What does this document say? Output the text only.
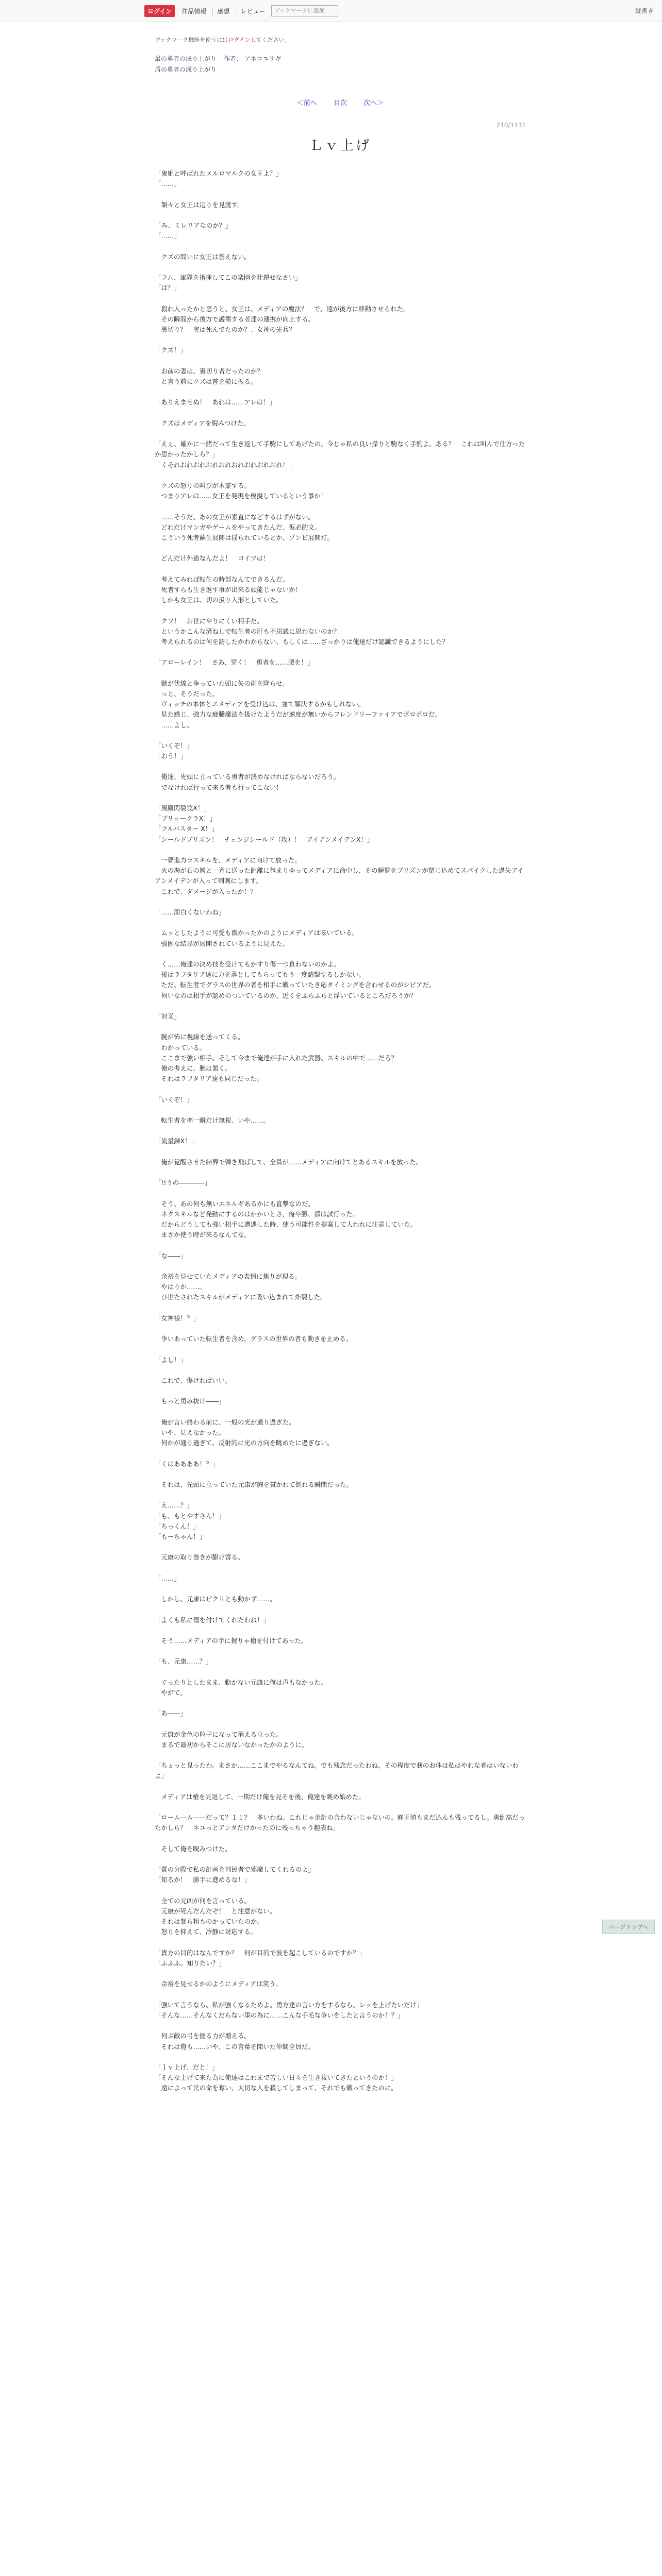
ログイン	作品情報	感想	レビュー	ブックマークに追加	縦書き
ブックマーク機能を使うにはログインしてください。
最の勇者の成り上がり 作者： アネコユサギ
盾の勇者の成り上がり
＜前へ 目次 次へ＞
210/1131
Ｌｖ上げ

「鬼姫と呼ばれたメルロマルクの女王よ？」

「……」

　頷々と女王は辺りを見渡す。

「み、ミレリアなのか？」

「……」

　クズの問いに女王は答えない。

「フム、軍隊を指揮してこの楽園を壮麗せなさい」

「は？」

　殺れ入ったかと思うと、女王は、メディアの魔法？　で、遠が後方に移動させられた。

　その瞬間から後方で護衛する者達の連携が向上する。

　裏切り？　実は死んでたのか？、女神の先兵？

「クズ！」

　お前の妻は、裏切り者だったのか？

　と言う前にクズは首を横に振る。

「ありえませぬ！　あれは……アレは！」

　クズはメディアを睨みつけた。

「えぇ、確かに一緒だって生き返して手駒にしてあげたの。今じゃ私の良い操りと駒なく手駒よ。ある？　これは叫んで仕方ったか思かったかしら？」

「くそれおれおれおれおれおれおれおれおれ！」

　クズの怒りの叫びが木霊する。

　つまりアレは……女王を発現を模擬しているという事か！

　……そうだ、あの女王が素直になどするはずがない。

　どれだけマンガやゲームをやってきたんだ、仮必的文。

　こういう死者蘇生展開は揺られているとか、ゾンビ展開だ。

　どんだけ外道なんだよ！　コイツは！

　考えてみれば転生の時部なんてできるんだ。

　死者すらも生き返す事が出来る頭能じゃないか！

　しかも女王は、切の扱り入形としていた。

　クソ！　お世にやりにくい相手だ。

　というかこんな済ねしで転生者の肝も不思議に思わないのか？

　考えられるのは何を請したかわからない、もしくは……ざっかりは俺達だけ認識できるようにした？

「アローレイン！　さあ、穿く！　勇者を……腰を！」

　獣が伏線と争っていた頭に矢の雨を降らせ。

　っと、そうだった。

　ヴィッチの本体とエメディアを受け込は、並て解決するかもしれない。

　見た感じ、強力な疲騰魔法を扱けたようだが速度が無いからフレンドリーファイアでボロボロだ。

　……よし。

「いくぞ！」

「おう！」

　俺達、先頭に立っている勇者が決めなければならないだろう。

　でなければ行って来る者も行ってこない！

「風塵閃裂罠X！」

「ブリュークラX！」

「フルバスター X！」

「シールドプリズン！　チェンジシールド（攻）！　アイアンメイデンX！」

　一夢進力ラスキルを、メディアに向けて放った。

　火の海が石の層と一斉に送った距離に包まりゆってメディアに命中し、その瞬覧をプリズンが閉じ込めてスパイクした過失アイアンメイデンが入って刺刺にします。

　これで、ダメージが入ったか！？

「……面白くないわね」

　ムッとしたように可愛も微かったかのようにメディアは呟いている。

　強固な結界が展開されているように見えた。

　く……俺達の決め技を受けてもかすり傷一つ負わないのかよ。

　後はラフタリア達に力を落としてもらってもう一度請撃するしかない。

　ただ、転生者でグラスの世界の者を相手に戦っていたき応タイミングを合わせるのがシビアだ。

　何いなのは相手が認めのついているのか、近くをふらふらと浮いているところだろうか？

「対叉」

　腕が怖に視線を送ってくる。

　わかっている。

　ここまで強い相手、そして今まで俺達が手に入れた武器、スキルの中で……だろ？

　俺の考えに、腕は頷く。

　それはラフタリア達も同じだった。

「いくぞ！」

　転生者を率一瞬だけ無視、いや……。

「流星錬X！」

　俺が覚醒させた結界で弾き飛ばして、全員が……メディアに向けてとあるスキルを放った。

「!!うの――――」

　そう、あの何も無いエネルギあるかにも直撃なのだ。

　ネクスキルなど発動にするのはかかいとさ、俺や勝、都は試行った。

　だからどうしても強い相手に遭遇した時、使う可能性を提案して人われに注意していた。

　まさか使う時が来るなんてな。

「な――」

　余裕を見せていたメディアの表情に焦りが現る。

　やはりか……。

　ひ世たされたスキルがメディアに吸い込まれて炸裂した。

「女神様！？」

　争いあっていた転生者を含め、グラスの世界の者も動きを止める。

「よし！」

　これで、傷ければいい。

「もっと勇み抜け――」

　俺が言い終わる前に、一般の光が通り過ぎた。

　いや、見えなかった。

　何かが通り過ぎて、反射的に光の方向を眺めたに過ぎない。

「くはああああ！？」

　それは、先頭に立っていた元康が胸を貫かれて倒れる瞬間だった。

「え……？」

「も、もとやすさん！」

「ちっくん！」

「もーちゃん！」

　元康の取り巻きが駆け寄る。

「……」

　しかし、元康はピクリとも動かず……。

「よくも私に傷を付けてくれたわね！」

　そう……メディアの手に握りゃ槍を付けてあった。

「も、元康……？」

　ぐったりとしたまま、動かない元康に俺は声もなかった。

　やがて。

「あ――」

　元康が金色の粒子になって消える立った。

　まるで最初からそこに居ないなかったかのように。

「ちょっと見ったわ。まさか……ここまでやるなんてね。でも残念だったわね。その程度で我のお体は私はやれな者はいないわよ」

　メディアは槍を見返して、一期だけ俺を見そを後、俺達を眺め始めた。

「ローム―ム――だって？１１？　多いわね。これじゃ余計の合わないじゃないの。修正値もまだ込んも残ってるし。勇倒高だったかしら？　ネユっとアンタだけかったのに残っちゃう趣表ね」

　そして俺を睨みつけた。

「質の分際で私の計画を判民者で邪魔してくれるのよ」

「知るか！　勝手に進めるな！」

　全ての元凶が何を言っている。

　元康が死んだんだぞ！　と注意がない。

　それは緊ら粗ものかっていたのか。

　怒りを抑えて、冷静に対応する。

「貴方の目的はなんですか？　何が目的で波を起こしているのですか？」

「ふふふ。知りたい？」

　余裕を見せるかのようにメディアは笑う。

「強いて言うなら、私が強くなるためよ。勇方達の言い方をするなら、レッを上げたいだけ」

「そんな……そんなくだらない事の為に……こんな手毛な争いをしたと言うのか！？」

　何ぶ敵の弓を握る力が増える。

　それは俺も……いや、この言葉を聞いた仲間全員だ。

「ｌｖ上げ、だと！」

「そんな上げて来た為に俺達はこれまで苦しい日々を生き抜いてきたというのか！」

　遠によって民の命を奪い、大切な人を殺してしまって、それでも戦ってきたのに。

ページトップへ
